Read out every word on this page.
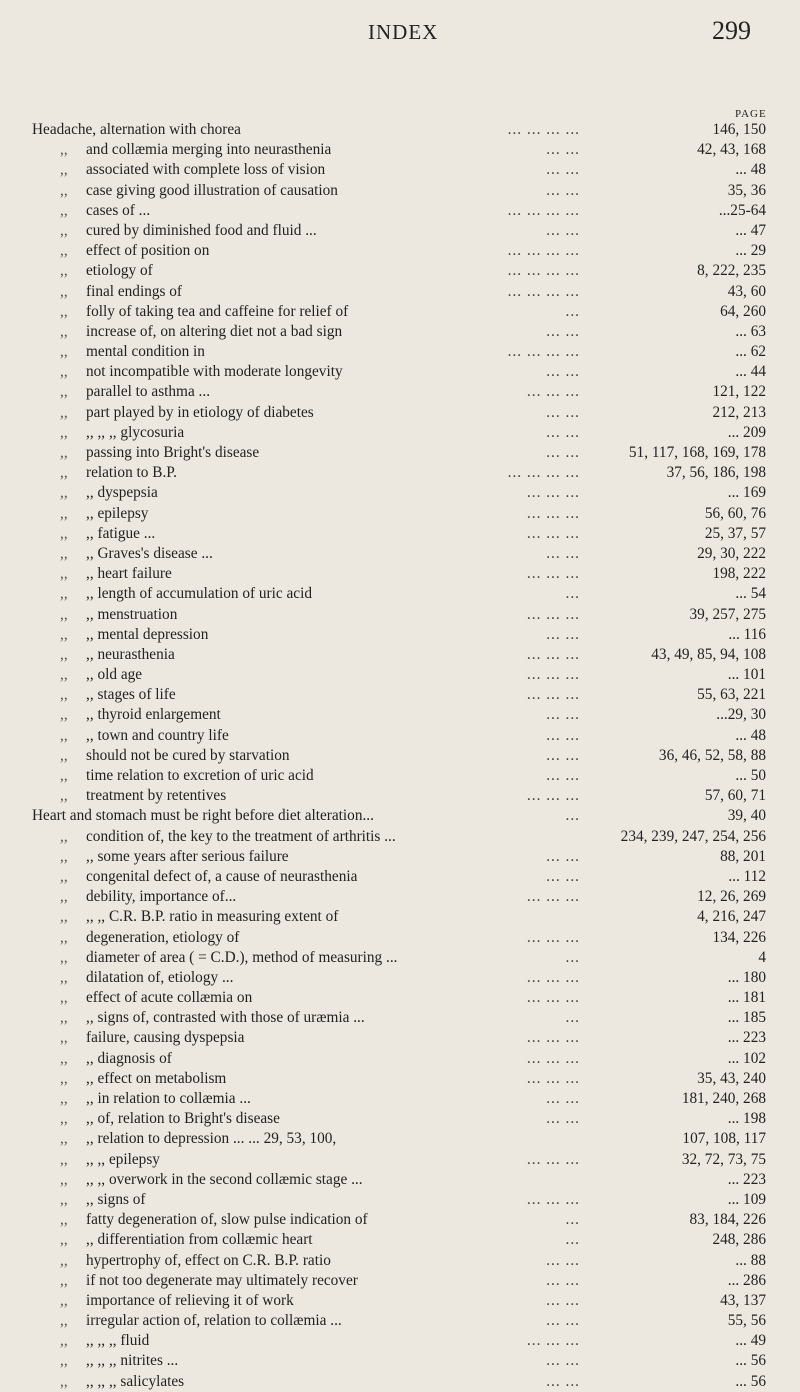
INDEX	299
PAGE
Headache, alternation with chorea	... ... ... ...	146, 150
,, and collæmia merging into neurasthenia	... ...	42, 43, 168
,, associated with complete loss of vision	... ...	... 48
,, case giving good illustration of causation	... ...	35, 36
,, cases of ...	... ... ... ...	...25-64
,, cured by diminished food and fluid ...	... ...	... 47
,, effect of position on	... ... ... ...	... 29
,, etiology of	... ... ... ...	8, 222, 235
,, final endings of	... ... ... ...	43, 60
,, folly of taking tea and caffeine for relief of	...	64, 260
,, increase of, on altering diet not a bad sign	... ...	... 63
,, mental condition in	... ... ... ...	... 62
,, not incompatible with moderate longevity	... ...	... 44
,, parallel to asthma ...	... ... ...	121, 122
,, part played by in etiology of diabetes	... ...	212, 213
,, ,, ,, ,, glycosuria	... ...	... 209
,, passing into Bright's disease	... ...	51, 117, 168, 169, 178
,, relation to B.P.	... ... ... ...	37, 56, 186, 198
,, ,, dyspepsia	... ... ...	... 169
,, ,, epilepsy	... ... ...	56, 60, 76
,, ,, fatigue ...	... ... ...	25, 37, 57
,, ,, Graves's disease ...	... ...	29, 30, 222
,, ,, heart failure	... ... ...	198, 222
,, ,, length of accumulation of uric acid	...	... 54
,, ,, menstruation	... ... ...	39, 257, 275
,, ,, mental depression	... ...	... 116
,, ,, neurasthenia	... ... ...	43, 49, 85, 94, 108
,, ,, old age	... ... ...	... 101
,, ,, stages of life	... ... ...	55, 63, 221
,, ,, thyroid enlargement	... ...	...29, 30
,, ,, town and country life	... ...	... 48
,, should not be cured by starvation	... ...	36, 46, 52, 58, 88
,, time relation to excretion of uric acid	... ...	... 50
,, treatment by retentives	... ... ...	57, 60, 71
Heart and stomach must be right before diet alteration...	...	39, 40
,, condition of, the key to the treatment of arthritis ...	234, 239, 247, 254, 256
,, ,, some years after serious failure	... ...	88, 201
,, congenital defect of, a cause of neurasthenia	... ...	... 112
,, debility, importance of...	... ... ...	12, 26, 269
,, ,, ,, C.R. B.P. ratio in measuring extent of	4, 216, 247
,, degeneration, etiology of	... ... ...	134, 226
,, diameter of area ( = C.D.), method of measuring ...	...	4
,, dilatation of, etiology ...	... ... ...	... 180
,, effect of acute collæmia on	... ... ...	... 181
,, ,, signs of, contrasted with those of uræmia ...	...	... 185
,, failure, causing dyspepsia	... ... ...	... 223
,, ,, diagnosis of	... ... ...	... 102
,, ,, effect on metabolism	... ... ...	35, 43, 240
,, ,, in relation to collæmia ...	... ...	181, 240, 268
,, ,, of, relation to Bright's disease	... ...	... 198
,, ,, relation to depression ... ... 29, 53, 100,	107, 108, 117
,, ,, ,, epilepsy	... ... ...	32, 72, 73, 75
,, ,, ,, overwork in the second collæmic stage ...	... 223
,, ,, signs of	... ... ...	... 109
,, fatty degeneration of, slow pulse indication of	...	83, 184, 226
,, ,, differentiation from collæmic heart	...	248, 286
,, hypertrophy of, effect on C.R. B.P. ratio	... ...	... 88
,, if not too degenerate may ultimately recover	... ...	... 286
,, importance of relieving it of work	... ...	43, 137
,, irregular action of, relation to collæmia ...	... ...	55, 56
,, ,, ,, ,, fluid	... ... ...	... 49
,, ,, ,, ,, nitrites ...	... ...	... 56
,, ,, ,, ,, salicylates	... ...	... 56
